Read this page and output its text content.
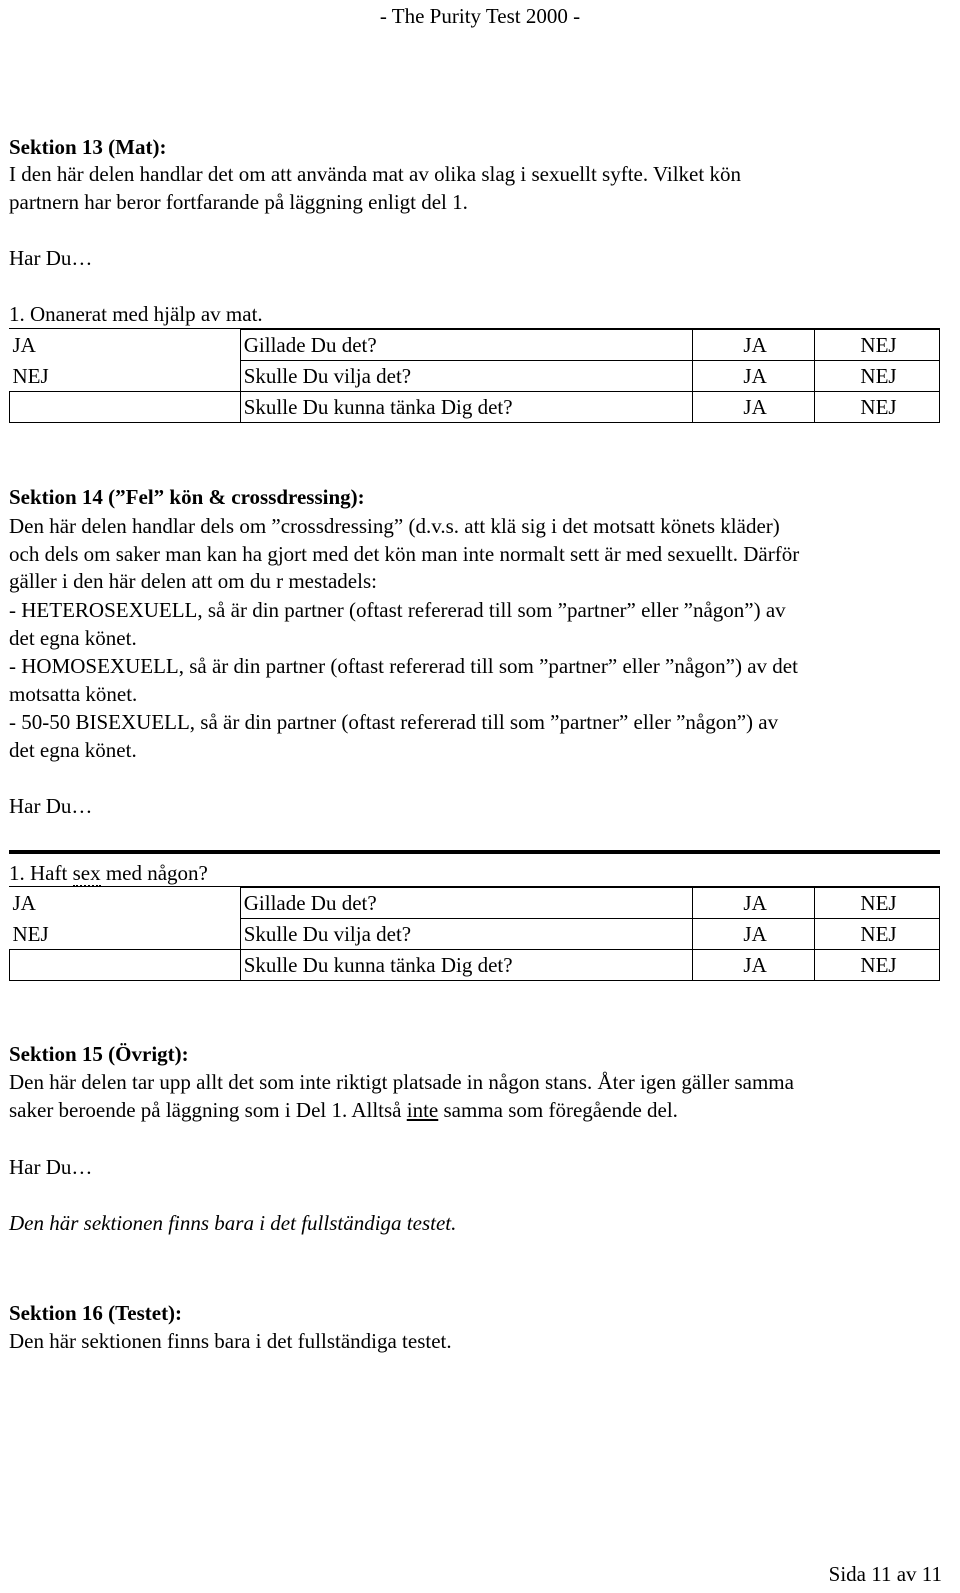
- The Purity Test 2000 -
Sektion 13 (Mat):
I den här delen handlar det om att använda mat av olika slag i sexuellt syfte. Vilket kön
partnern har beror fortfarande på läggning enligt del 1.
Har Du…
1. Onanerat med hjälp av mat.
JA	Gillade Du det?	JA	NEJ
NEJ	Skulle Du vilja det?	JA	NEJ
	Skulle Du kunna tänka Dig det?	JA	NEJ
Sektion 14 (”Fel” kön & crossdressing):
Den här delen handlar dels om ”crossdressing” (d.v.s. att klä sig i det motsatt könets kläder)
och dels om saker man kan ha gjort med det kön man inte normalt sett är med sexuellt. Därför
gäller i den här delen att om du r mestadels:
- HETEROSEXUELL, så är din partner (oftast refererad till som ”partner” eller ”någon”) av
det egna könet.
- HOMOSEXUELL, så är din partner (oftast refererad till som ”partner” eller ”någon”) av det
motsatta könet.
- 50-50 BISEXUELL, så är din partner (oftast refererad till som ”partner” eller ”någon”) av
det egna könet.
Har Du…
1. Haft sex med någon?
JA	Gillade Du det?	JA	NEJ
NEJ	Skulle Du vilja det?	JA	NEJ
	Skulle Du kunna tänka Dig det?	JA	NEJ
Sektion 15 (Övrigt):
Den här delen tar upp allt det som inte riktigt platsade in någon stans. Åter igen gäller samma
saker beroende på läggning som i Del 1. Alltså inte samma som föregående del.
Har Du…
Den här sektionen finns bara i det fullständiga testet.
Sektion 16 (Testet):
Den här sektionen finns bara i det fullständiga testet.
Sida 11 av 11
